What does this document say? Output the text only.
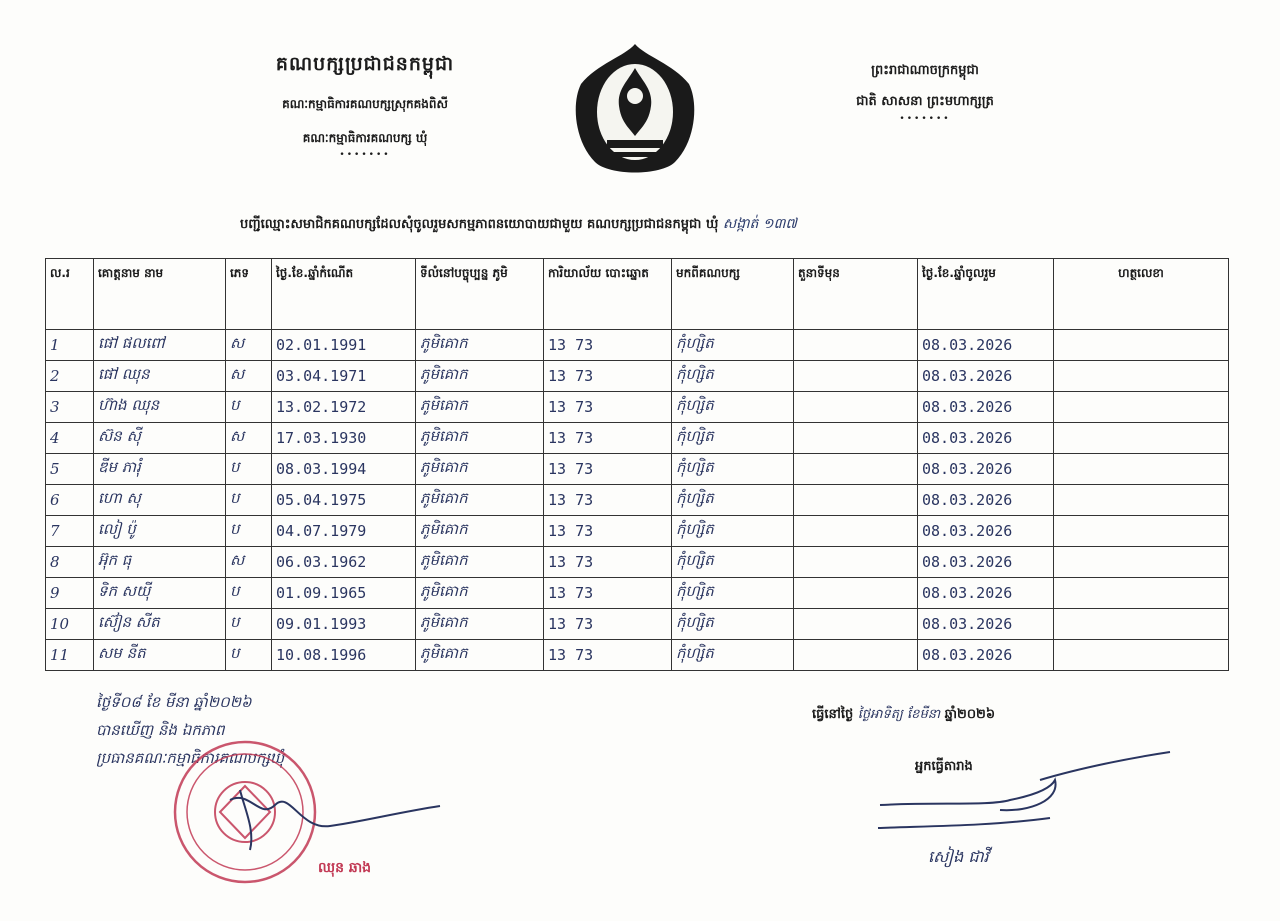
គណបក្សប្រជាជនកម្ពុជា
គណៈកម្មាធិការគណបក្សស្រុកគងពិសី
គណៈកម្មាធិការគណបក្ស ឃុំ
•••••••
ព្រះរាជាណាចក្រកម្ពុជា
ជាតិ សាសនា ព្រះមហាក្សត្រ
•••••••
បញ្ជីឈ្មោះសមាជិកគណបក្សដែលសុំចូលរួមសកម្មភាពនយោបាយជាមួយ គណបក្សប្រជាជនកម្ពុជា ឃុំ សង្កាត់ ១៣៧
ល.រ	គោត្តនាម នាម	ភេទ	ថ្ងៃ.ខែ.ឆ្នាំកំណើត	ទីលំនៅបច្ចុប្បន្ន ភូមិ	ការិយាល័យ បោះឆ្នោត	មកពីគណបក្ស	តួនាទីមុន	ថ្ងៃ.ខែ.ឆ្នាំចូលរួម	ហត្ថលេខា
1	ផៅ ផលពៅ	ស	02.01.1991	ភូមិគោក	13 73	កុំហ្សិត		08.03.2026	
2	ផៅ ឈុន	ស	03.04.1971	ភូមិគោក	13 73	កុំហ្សិត		08.03.2026	
3	ហ៊ាង ឈុន	ប	13.02.1972	ភូមិគោក	13 73	កុំហ្សិត		08.03.2026	
4	ស៊ន ស៊ី	ស	17.03.1930	ភូមិគោក	13 73	កុំហ្សិត		08.03.2026	
5	ឌីម ភារុំ	ប	08.03.1994	ភូមិគោក	13 73	កុំហ្សិត		08.03.2026	
6	ហោ សុ	ប	05.04.1975	ភូមិគោក	13 73	កុំហ្សិត		08.03.2026	
7	លៀ ប៉ូ	ប	04.07.1979	ភូមិគោក	13 73	កុំហ្សិត		08.03.2026	
8	អ៊ុក ធុ	ស	06.03.1962	ភូមិគោក	13 73	កុំហ្សិត		08.03.2026	
9	ទិក សយ៉ី	ប	01.09.1965	ភូមិគោក	13 73	កុំហ្សិត		08.03.2026	
10	ស៊ៀន សីត	ប	09.01.1993	ភូមិគោក	13 73	កុំហ្សិត		08.03.2026	
11	សម នីត	ប	10.08.1996	ភូមិគោក	13 73	កុំហ្សិត		08.03.2026	
ថ្ងៃទី០៨ ខែ មីនា ឆ្នាំ២០២៦
បានឃើញ និង ឯកភាព
ប្រធានគណៈកម្មាធិការគណបក្សឃុំ
ធ្វើនៅថ្ងៃ ថ្ងៃអាទិត្យ ខែមីនា ឆ្នាំ២០២៦
អ្នកធ្វើតារាង
សៀង ជាវី
ឈុន ឆាង
